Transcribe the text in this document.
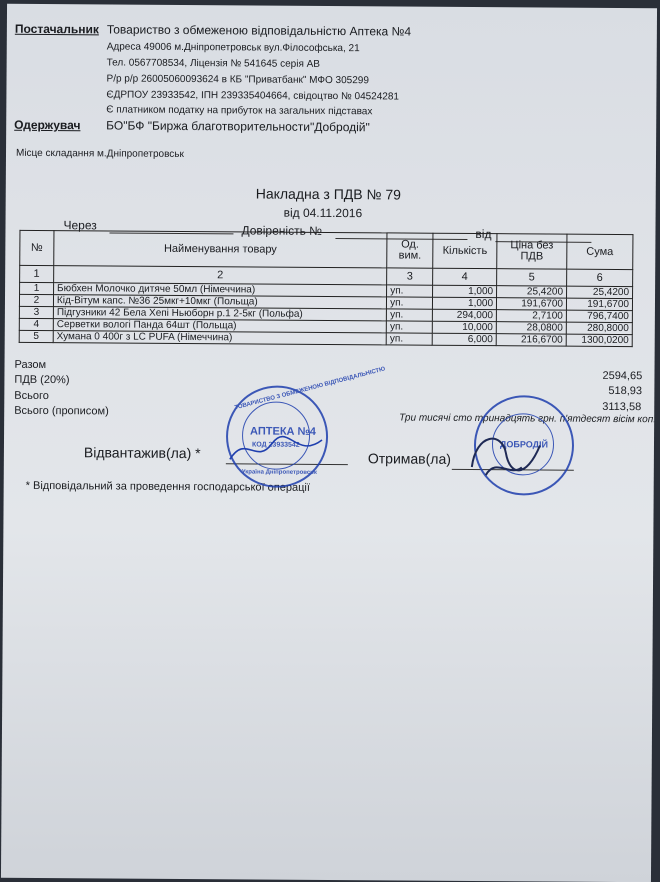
Постачальник Товариство з обмеженою відповідальністю Аптека №4
Адреса 49006 м.Дніпропетровськ вул.Філософська, 21
Тел. 0567708534, Ліцензія № 541645 серія АВ
Р/р р/р 26005060093624 в КБ "Приватбанк" МФО 305299
ЄДРПОУ 23933542, ІПН 239335404664, свідоцтво № 04524281
Є платником податку на прибуток на загальних підставах
Одержувач БО"БФ "Биржа благотворительности"Добродій"
Місце складання м.Дніпропетровськ
Накладна з ПДВ № 79
від 04.11.2016
Через	Довіреність №	від
№	Найменування товару	Од. вим.	Кількість	Ціна без ПДВ	Сума
1	2	3	4	5	6
1	Бюбхен Молочко дитяче 50мл (Німеччина)	уп.	1,000	25,4200	25,4200
2	Кід-Вітум капс. №36 25мкг+10мкг (Польща)	уп.	1,000	191,6700	191,6700
3	Підгузники 42 Бела Хепі Ньюборн р.1 2-5кг (Польфа)	уп.	294,000	2,7100	796,7400
4	Серветки вологі Панда 64шт (Польща)	уп.	10,000	28,0800	280,8000
5	Хумана 0 400г з LC PUFA (Німеччина)	уп.	6,000	216,6700	1300,0200
Разом
2594,65
ПДВ (20%)
518,93
Всього
3113,58
Всього (прописом)
Три тисячі сто тринадцять грн. п'ятдесят вісім коп.
Відвантажив(ла) *	Отримав(ла)
* Відповідальний за проведення господарської операції
ТОВАРИСТВО З ОБМЕЖЕНОЮ ВІДПОВІДАЛЬНІСТЮ
АПТЕКА №4
КОД 23933542
Україна Дніпропетровськ
ДОБРОДІЙ
